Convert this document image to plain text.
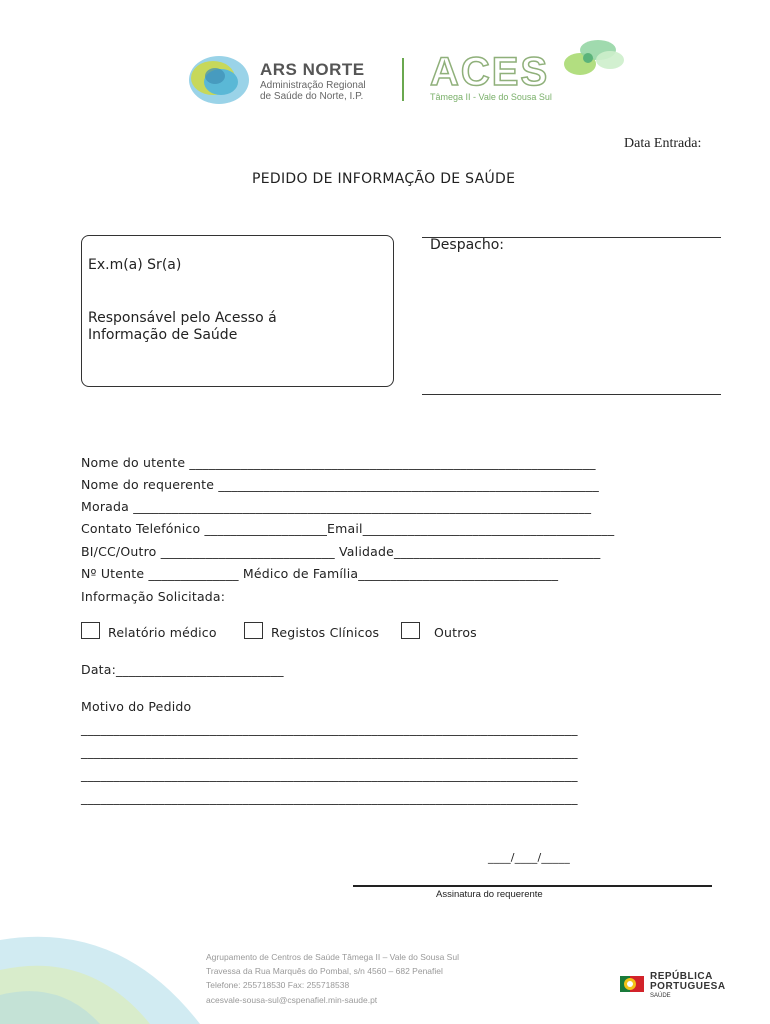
ARS NORTE
Administração Regional
de Saúde do Norte, I.P.
ACES
Tâmega II - Vale do Sousa Sul
Data Entrada:
PEDIDO DE INFORMAÇÃO DE SAÚDE
Ex.m(a) Sr(a)
Responsável pelo Acesso á
Informação de Saúde
Despacho:
Nome do utente _______________________________________________________________
Nome do requerente ___________________________________________________________
Morada _______________________________________________________________________
Contato Telefónico ___________________Email_______________________________________
BI/CC/Outro ___________________________ Validade________________________________
Nº Utente ______________ Médico de Família_______________________________
Informação Solicitada:
Relatório médico	Registos Clínicos	Outros
Data:__________________________
Motivo do Pedido
_____________________________________________________________________________
_____________________________________________________________________________
_____________________________________________________________________________
_____________________________________________________________________________
____/____/_____
Assinatura do requerente
Agrupamento de Centros de Saúde Tâmega II – Vale do Sousa Sul
Travessa da Rua Marquês do Pombal, s/n 4560 – 682 Penafiel
Telefone: 255718530 Fax: 255718538
acesvale-sousa-sul@cspenafiel.min-saude.pt
REPÚBLICA
PORTUGUESA
SAÚDE
